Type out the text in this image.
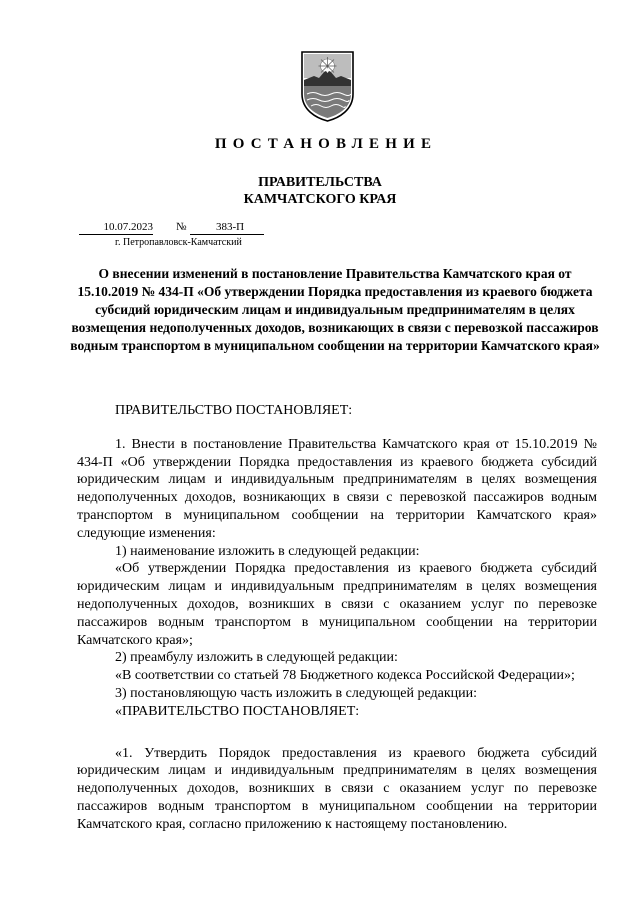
ПОСТАНОВЛЕНИЕ
ПРАВИТЕЛЬСТВА
КАМЧАТСКОГО КРАЯ
10.07.2023 №	383-П
г. Петропавловск-Камчатский
О внесении изменений в постановление Правительства Камчатского края от 15.10.2019 № 434-П «Об утверждении Порядка предоставления из краевого бюджета субсидий юридическим лицам и индивидуальным предпринимателям в целях возмещения недополученных доходов, возникающих в связи с перевозкой пассажиров водным транспортом в муниципальном сообщении на территории Камчатского края»

ПРАВИТЕЛЬСТВО ПОСТАНОВЛЯЕТ:

1. Внести в постановление Правительства Камчатского края от 15.10.2019 № 434-П «Об утверждении Порядка предоставления из краевого бюджета субсидий юридическим лицам и индивидуальным предпринимателям в целях возмещения недополученных доходов, возникающих в связи с перевозкой пассажиров водным транспортом в муниципальном сообщении на территории Камчатского края» следующие изменения:

1) наименование изложить в следующей редакции:

«Об утверждении Порядка предоставления из краевого бюджета субсидий юридическим лицам и индивидуальным предпринимателям в целях возмещения недополученных доходов, возникших в связи с оказанием услуг по перевозке пассажиров водным транспортом в муниципальном сообщении на территории Камчатского края»;

2) преамбулу изложить в следующей редакции:

«В соответствии со статьей 78 Бюджетного кодекса Российской Федерации»;

3) постановляющую часть изложить в следующей редакции:

«ПРАВИТЕЛЬСТВО ПОСТАНОВЛЯЕТ:

«1. Утвердить Порядок предоставления из краевого бюджета субсидий юридическим лицам и индивидуальным предпринимателям в целях возмещения недополученных доходов, возникших в связи с оказанием услуг по перевозке пассажиров водным транспортом в муниципальном сообщении на территории Камчатского края, согласно приложению к настоящему постановлению.
